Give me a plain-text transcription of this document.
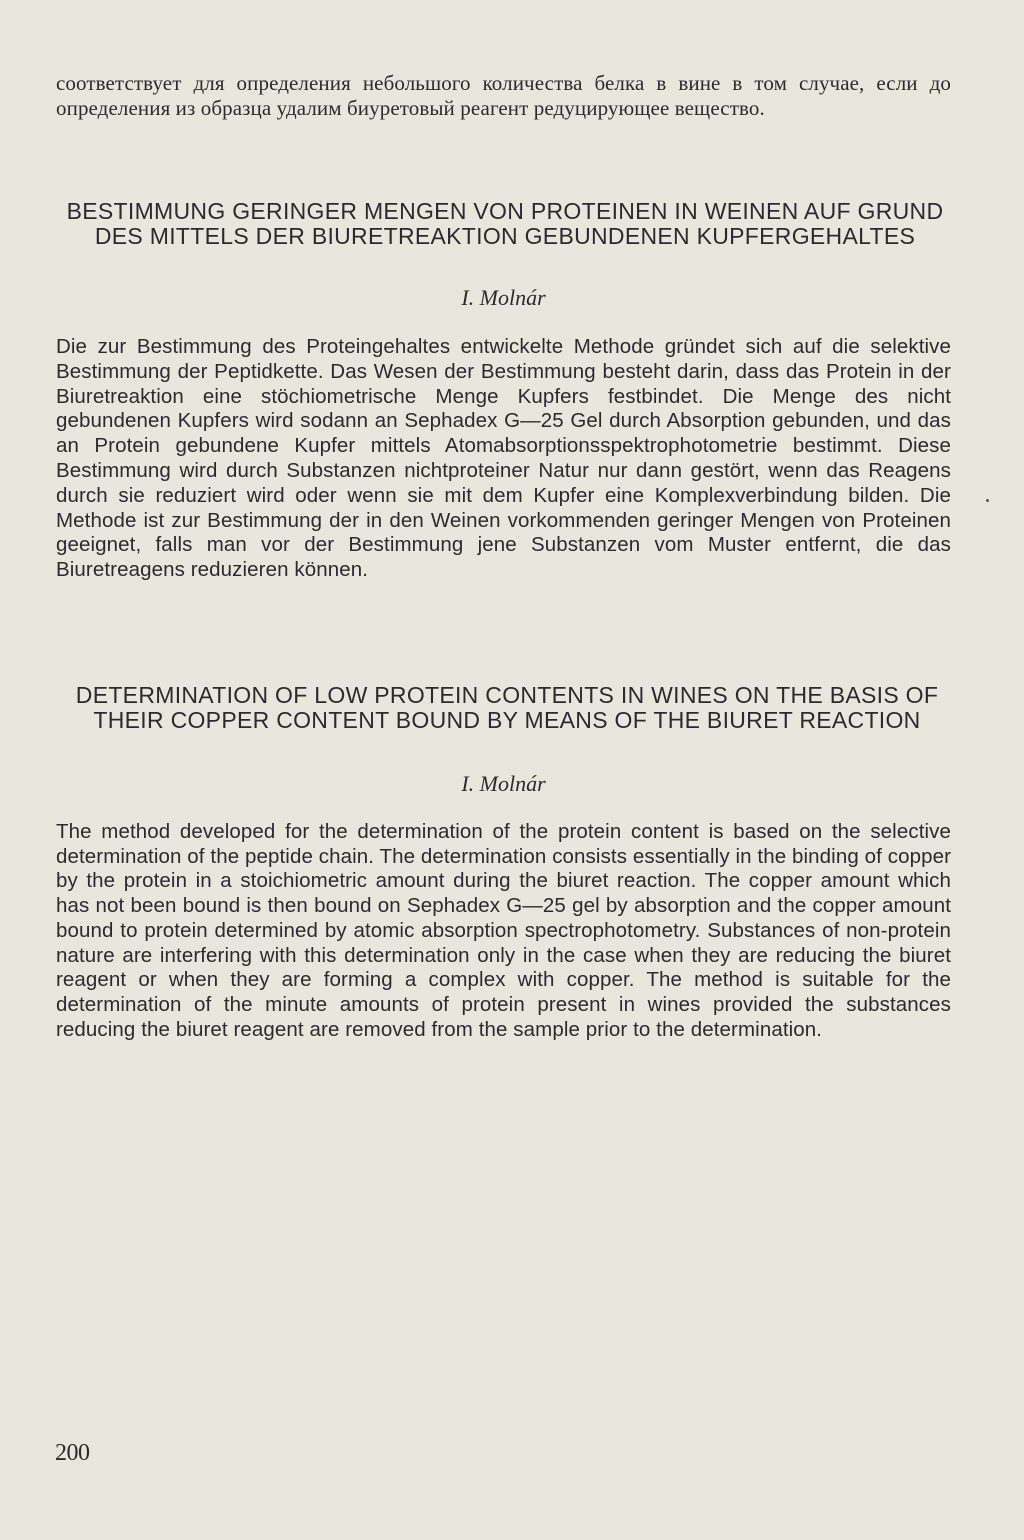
соответствует для определения небольшого количества белка в вине в том случае, если до определения из образца удалим биуретовый реагент редуцирующее вещество.

BESTIMMUNG GERINGER MENGEN VON PROTEINEN IN WEINEN AUF GRUND DES MITTELS DER BIURETREAKTION GEBUNDENEN KUPFERGEHALTES

I. Molnár

Die zur Bestimmung des Proteingehaltes entwickelte Methode gründet sich auf die selektive Bestimmung der Peptidkette. Das Wesen der Bestimmung besteht darin, dass das Protein in der Biuretreaktion eine stöchiometrische Menge Kupfers festbindet. Die Menge des nicht gebundenen Kupfers wird sodann an Sephadex G—25 Gel durch Absorption gebunden, und das an Protein gebundene Kupfer mittels Atomabsorptionsspektrophotometrie bestimmt. Diese Bestimmung wird durch Substanzen nichtproteiner Natur nur dann gestört, wenn das Reagens durch sie reduziert wird oder wenn sie mit dem Kupfer eine Komplexverbindung bilden. Die Methode ist zur Bestimmung der in den Weinen vorkommenden geringer Mengen von Proteinen geeignet, falls man vor der Bestimmung jene Substanzen vom Muster entfernt, die das Biuretreagens reduzieren können.

DETERMINATION OF LOW PROTEIN CONTENTS IN WINES ON THE BASIS OF THEIR COPPER CONTENT BOUND BY MEANS OF THE BIURET REACTION

I. Molnár

The method developed for the determination of the protein content is based on the selective determination of the peptide chain. The determination consists essentially in the binding of copper by the protein in a stoichiometric amount during the biuret reaction. The copper amount which has not been bound is then bound on Sephadex G—25 gel by absorption and the copper amount bound to protein determined by atomic absorption spectrophotometry. Substances of non-protein nature are interfering with this determination only in the case when they are reducing the biuret reagent or when they are forming a complex with copper. The method is suitable for the determination of the minute amounts of protein present in wines provided the substances reducing the biuret reagent are removed from the sample prior to the determination.

200
